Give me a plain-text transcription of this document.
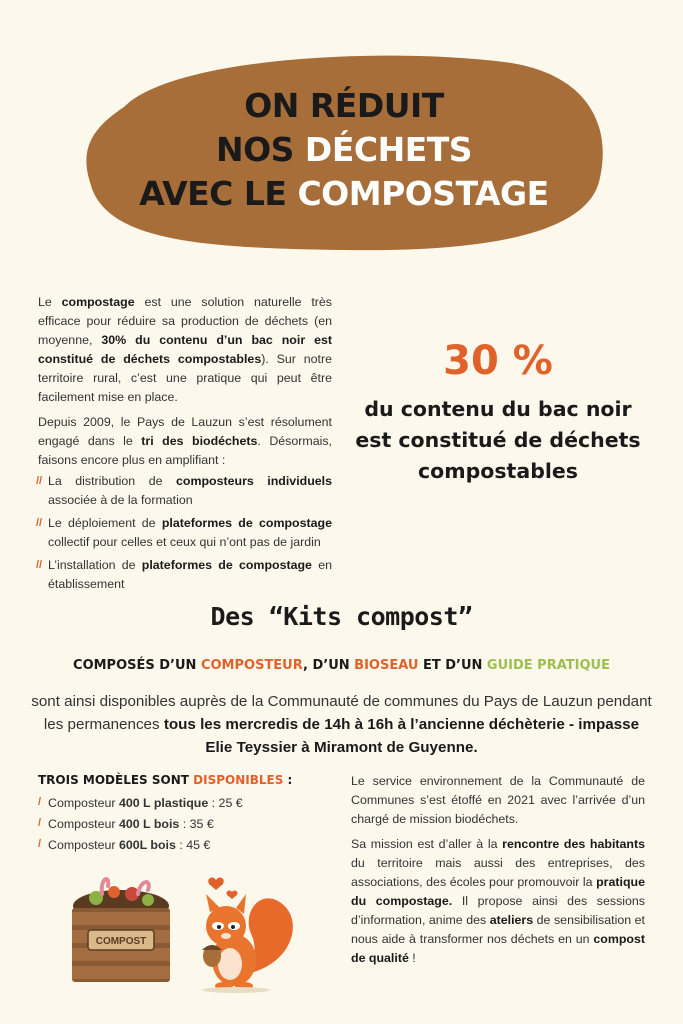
ON RÉDUIT
NOS DÉCHETS
AVEC LE COMPOSTAGE

Le compostage est une solution naturelle très efficace pour réduire sa production de déchets (en moyenne, 30% du contenu d’un bac noir est constitué de déchets compostables). Sur notre territoire rural, c’est une pratique qui peut être facilement mise en place.

Depuis 2009, le Pays de Lauzun s’est résolument engagé dans le tri des biodéchets. Désormais, faisons encore plus en amplifiant :

// La distribution de composteurs individuels associée à de la formation
// Le déploiement de plateformes de compostage collectif pour celles et ceux qui n’ont pas de jardin
// L’installation de plateformes de compostage en établissement
30 %
du contenu du bac noir est constitué de déchets compostables
Des “Kits compost”
COMPOSÉS D’UN COMPOSTEUR, D’UN BIOSEAU ET D’UN GUIDE PRATIQUE
sont ainsi disponibles auprès de la Communauté de communes du Pays de Lauzun pendant les permanences tous les mercredis de 14h à 16h à l’ancienne déchèterie - impasse Elie Teyssier à Miramont de Guyenne.
TROIS MODÈLES SONT DISPONIBLES :
/ Composteur 400 L plastique : 25 €
/ Composteur 400 L bois : 35 €
/ Composteur 600L bois : 45 €

Le service environnement de la Communauté de Communes s’est étoffé en 2021 avec l’arrivée d’un chargé de mission biodéchets.

Sa mission est d’aller à la rencontre des habitants du territoire mais aussi des entreprises, des associations, des écoles pour promouvoir la pratique du compostage. Il propose ainsi des sessions d’information, anime des ateliers de sensibilisation et nous aide à transformer nos déchets en un compost de qualité !

COMPOST
